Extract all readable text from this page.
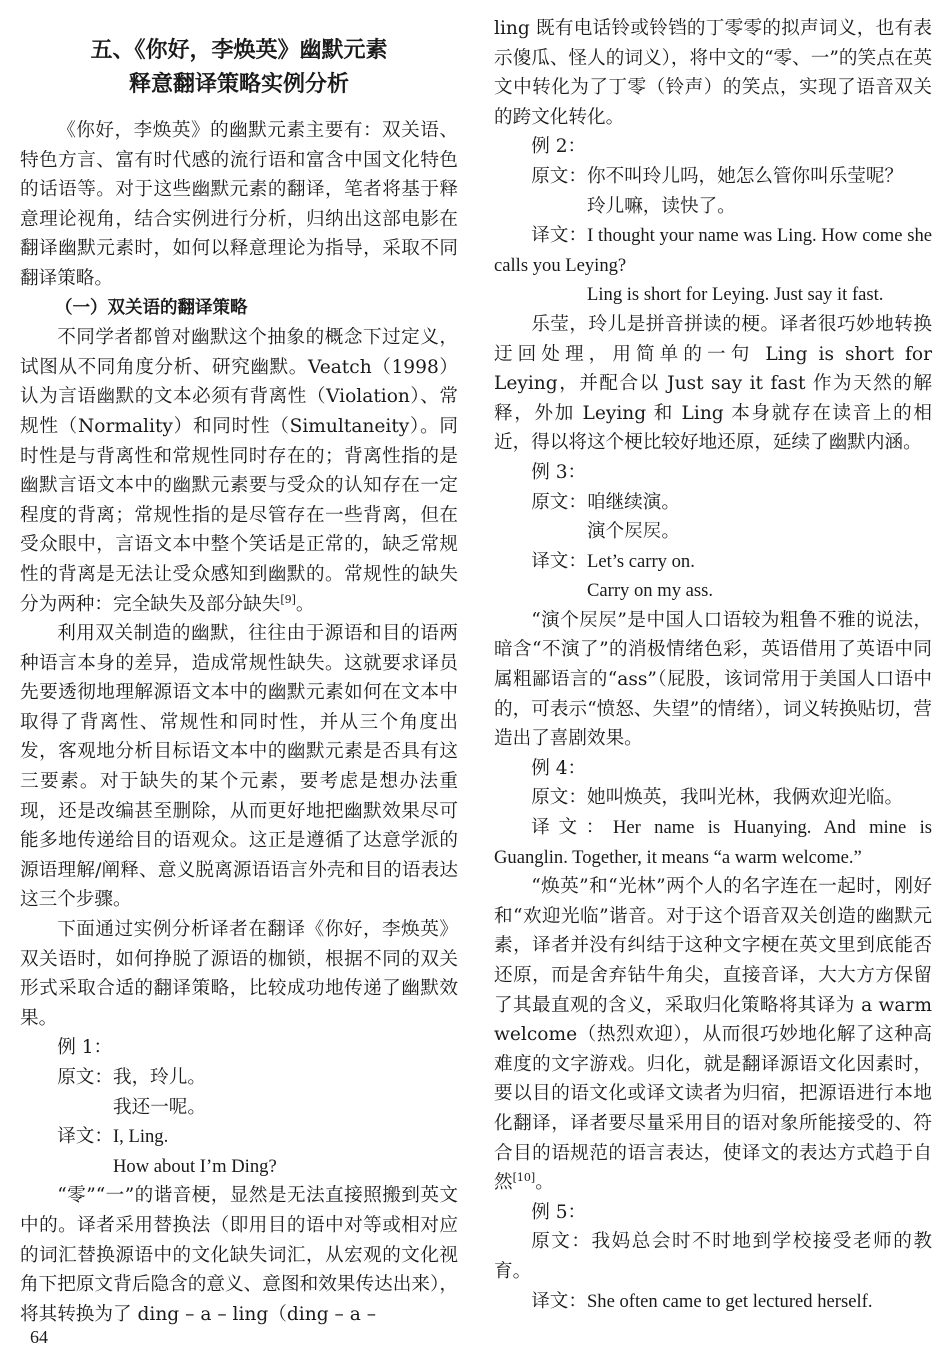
五、《你好，李焕英》幽默元素
释意翻译策略实例分析

《你好，李焕英》的幽默元素主要有：双关语、特色方言、富有时代感的流行语和富含中国文化特色的话语等。对于这些幽默元素的翻译，笔者将基于释意理论视角，结合实例进行分析，归纳出这部电影在翻译幽默元素时，如何以释意理论为指导，采取不同翻译策略。

（一）双关语的翻译策略

不同学者都曾对幽默这个抽象的概念下过定义，试图从不同角度分析、研究幽默。Veatch（1998）认为言语幽默的文本必须有背离性（Violation）、常规性（Normality）和同时性（Simultaneity）。同时性是与背离性和常规性同时存在的；背离性指的是幽默言语文本中的幽默元素要与受众的认知存在一定程度的背离；常规性指的是尽管存在一些背离，但在受众眼中，言语文本中整个笑话是正常的，缺乏常规性的背离是无法让受众感知到幽默的。常规性的缺失分为两种：完全缺失及部分缺失[9]。

利用双关制造的幽默，往往由于源语和目的语两种语言本身的差异，造成常规性缺失。这就要求译员先要透彻地理解源语文本中的幽默元素如何在文本中取得了背离性、常规性和同时性，并从三个角度出发，客观地分析目标语文本中的幽默元素是否具有这三要素。对于缺失的某个元素，要考虑是想办法重现，还是改编甚至删除，从而更好地把幽默效果尽可能多地传递给目的语观众。这正是遵循了达意学派的源语理解/阐释、意义脱离源语语言外壳和目的语表达这三个步骤。

下面通过实例分析译者在翻译《你好，李焕英》双关语时，如何挣脱了源语的枷锁，根据不同的双关形式采取合适的翻译策略，比较成功地传递了幽默效果。

例 1：

原文：我，玲儿。

我还一呢。

译文：I, Ling.

How about I’m Ding?

“零”“一”的谐音梗，显然是无法直接照搬到英文中的。译者采用替换法（即用目的语中对等或相对应的词汇替换源语中的文化缺失词汇，从宏观的文化视角下把原文背后隐含的意义、意图和效果传达出来），将其转换为了 ding – a – ling（ding – a –

ling 既有电话铃或铃铛的丁零零的拟声词义，也有表示傻瓜、怪人的词义），将中文的“零、一”的笑点在英文中转化为了丁零（铃声）的笑点，实现了语音双关的跨文化转化。

例 2：

原文：你不叫玲儿吗，她怎么管你叫乐莹呢？

玲儿嘛，读快了。

译文：I thought your name was Ling. How come she calls you Leying?

Ling is short for Leying. Just say it fast.

乐莹，玲儿是拼音拼读的梗。译者很巧妙地转换迂回处理，用简单的一句 Ling is short for Leying，并配合以 Just say it fast 作为天然的解释，外加 Leying 和 Ling 本身就存在读音上的相近，得以将这个梗比较好地还原，延续了幽默内涵。

例 3：

原文：咱继续演。

演个𡱁𡱁。

译文：Let’s carry on.

Carry on my ass.

“演个𡱁𡱁”是中国人口语较为粗鲁不雅的说法，暗含“不演了”的消极情绪色彩，英语借用了英语中同属粗鄙语言的“ass”（屁股，该词常用于美国人口语中的，可表示“愤怒、失望”的情绪），词义转换贴切，营造出了喜剧效果。

例 4：

原文：她叫焕英，我叫光林，我俩欢迎光临。

译文：Her name is Huanying. And mine is Guanglin. Together, it means “a warm welcome.”

“焕英”和“光林”两个人的名字连在一起时，刚好和“欢迎光临”谐音。对于这个语音双关创造的幽默元素，译者并没有纠结于这种文字梗在英文里到底能否还原，而是舍弃钻牛角尖，直接音译，大大方方保留了其最直观的含义，采取归化策略将其译为 a warm welcome（热烈欢迎），从而很巧妙地化解了这种高难度的文字游戏。归化，就是翻译源语文化因素时，要以目的语文化或译文读者为归宿，把源语进行本地化翻译，译者要尽量采用目的语对象所能接受的、符合目的语规范的语言表达，使译文的表达方式趋于自然[10]。

例 5：

原文：我妈总会时不时地到学校接受老师的教育。

译文：She often came to get lectured herself.

64
